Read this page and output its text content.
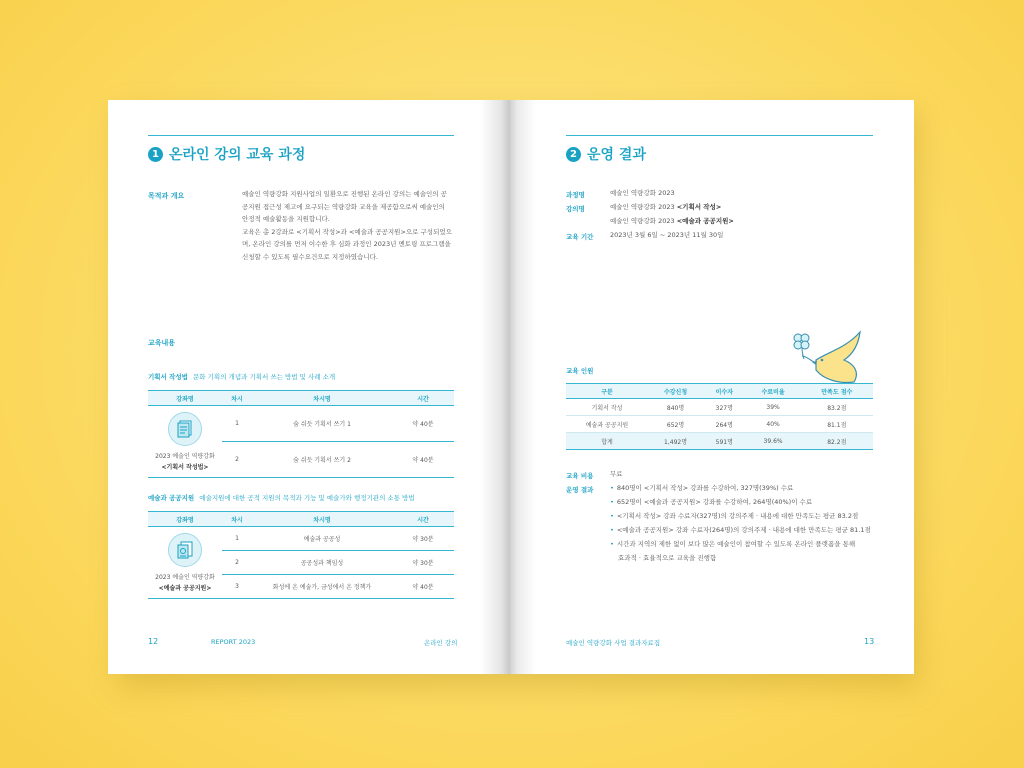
1 온라인 강의 교육 과정
목적과 개요	예술인 역량강화 지원사업의 일환으로 진행된 온라인 강의는 예술인의 공
공지원 접근성 제고에 요구되는 역량강화 교육을 제공함으로써 예술인의
안정적 예술활동을 지원합니다.
교육은 총 2강좌로 <기획서 작성>과 <예술과 공공지원>으로 구성되었으
며, 온라인 강의를 먼저 이수한 후 심화 과정인 2023년 멘토링 프로그램을
신청할 수 있도록 필수요건으로 지정하였습니다.
교육내용
기획서 작성법 문화 기획의 개념과 기획서 쓰는 방법 및 사례 소개
강좌명	차시	차시명	시간

2023 예술인 역량강화
<기획서 작성법>	1	숨 쉬듯 기획서 쓰기 1	약 40분
	2	숨 쉬듯 기획서 쓰기 2	약 40분
예술과 공공지원 예술지원에 대한 공적 지원의 목적과 기능 및 예술가와 행정기관의 소통 방법
강좌명	차시	차시명	시간

2023 예술인 역량강화
<예술과 공공지원>	1	예술과 공공성	약 30분
	2	공공성과 책임성	약 30분
	3	화성에 온 예술가, 금성에서 온 정책가	약 40분
12	REPORT 2023	온라인 강의
2 운영 결과
과정명	예술인 역량강화 2023
강의명	예술인 역량강화 2023 <기획서 작성>
예술인 역량강화 2023 <예술과 공공지원>
교육 기간	2023년 3월 6일 ~ 2023년 11월 30일
교육 인원
구분	수강신청	이수자	수료비율	만족도 점수
기획서 작성	840명	327명	39%	83.2점
예술과 공공지원	652명	264명	40%	81.1점
합계	1,492명	591명	39.6%	82.2점
교육 비용	무료
운영 결과	• 840명이 <기획서 작성> 강좌를 수강하여, 327명(39%) 수료
• 652명이 <예술과 공공지원> 강좌를 수강하여, 264명(40%)이 수료
• <기획서 작성> 강좌 수료자(327명)의 강의주제 · 내용에 대한 만족도는 평균 83.2점
• <예술과 공공지원> 강좌 수료자(264명)의 강의주제 · 내용에 대한 만족도는 평균 81.1점
• 시간과 지역의 제한 없이 보다 많은 예술인이 참여할 수 있도록 온라인 플랫폼을 통해
효과적 · 효율적으로 교육을 진행함
예술인 역량강화 사업 결과자료집	13
